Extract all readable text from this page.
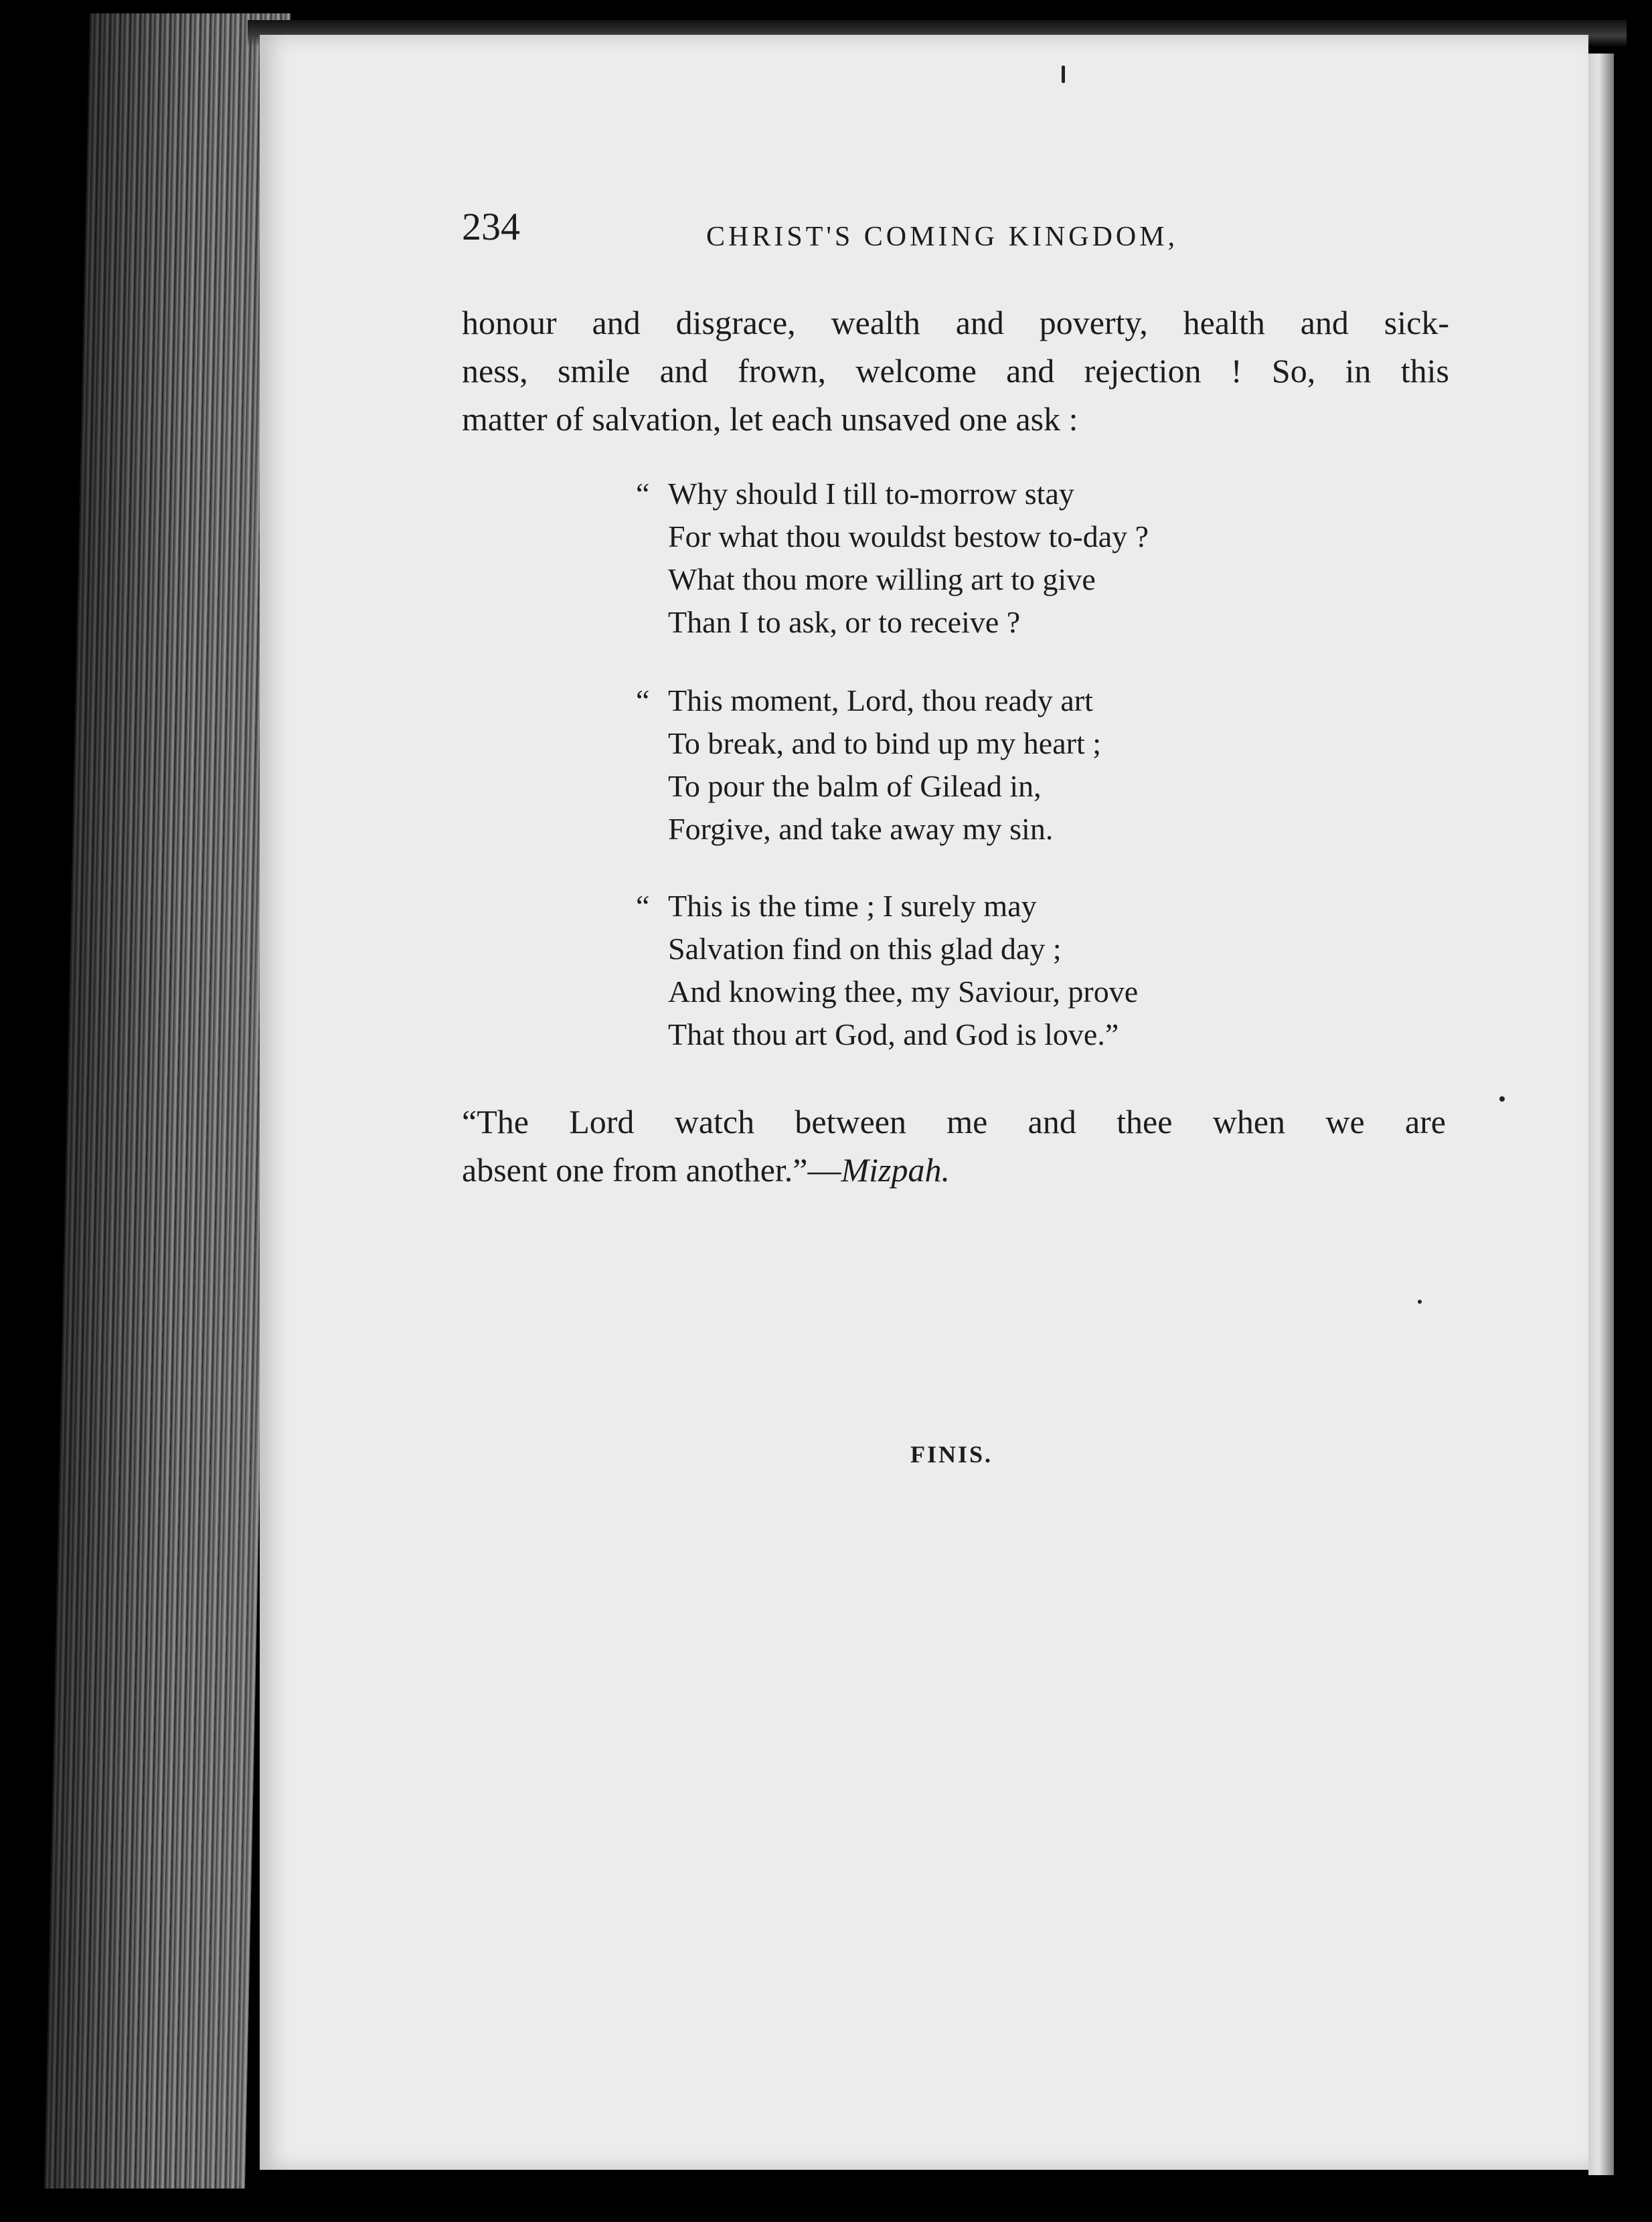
234	CHRIST'S COMING KINGDOM,
honour and disgrace, wealth and poverty, health and sick-
ness, smile and frown, welcome and rejection ! So, in this
matter of salvation, let each unsaved one ask :
“ Why should I till to-morrow stay
For what thou wouldst bestow to-day ?
What thou more willing art to give
Than I to ask, or to receive ?
“ This moment, Lord, thou ready art
To break, and to bind up my heart ;
To pour the balm of Gilead in,
Forgive, and take away my sin.
“ This is the time ; I surely may
Salvation find on this glad day ;
And knowing thee, my Saviour, prove
That thou art God, and God is love.”
“The Lord watch between me and thee when we are
absent one from another.”—Mizpah.
FINIS.
